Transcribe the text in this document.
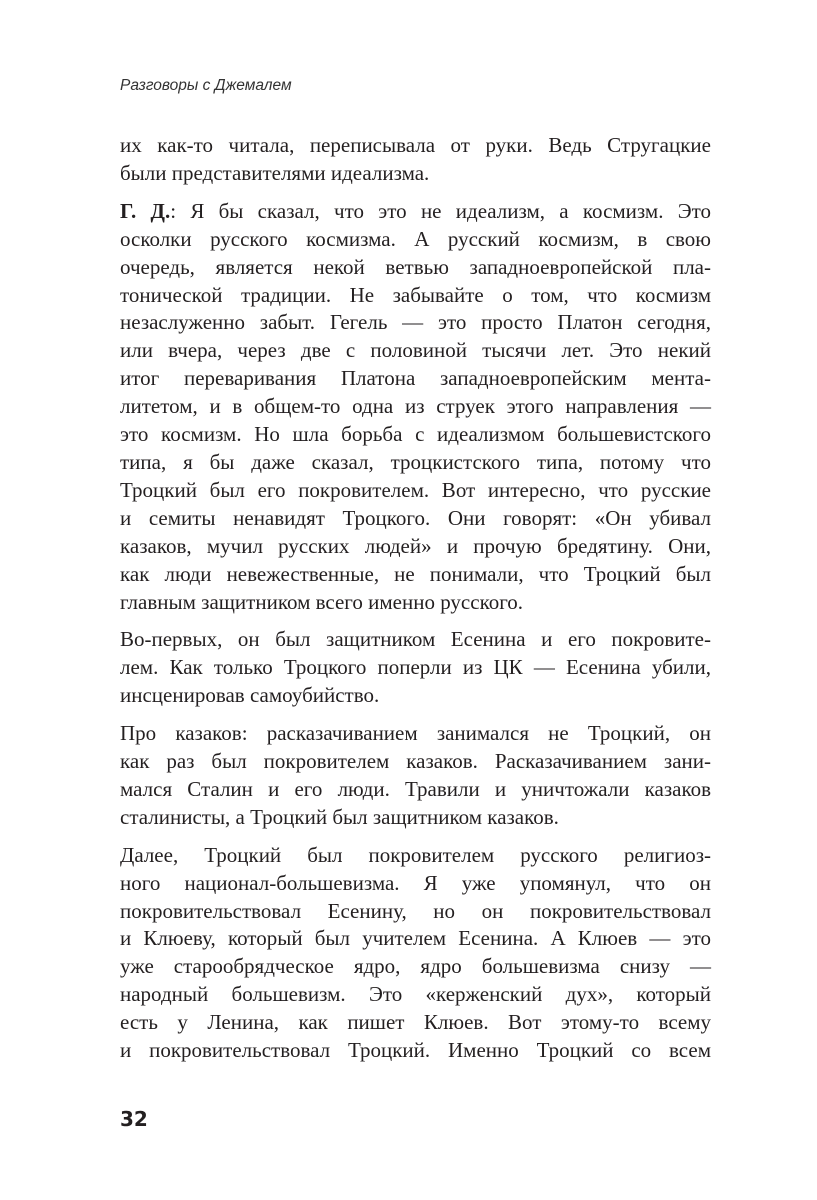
Разговоры с Джемалем
их как-то читала, переписывала от руки. Ведь Стругацкие
были представителями идеализма.
Г. Д.: Я бы сказал, что это не идеализм, а космизм. Это
осколки русского космизма. А русский космизм, в свою
очередь, является некой ветвью западноевропейской пла-
тонической традиции. Не забывайте о том, что космизм
незаслуженно забыт. Гегель — это просто Платон сегодня,
или вчера, через две с половиной тысячи лет. Это некий
итог переваривания Платона западноевропейским мента-
литетом, и в общем-то одна из струек этого направления —
это космизм. Но шла борьба с идеализмом большевистского
типа, я бы даже сказал, троцкистского типа, потому что
Троцкий был его покровителем. Вот интересно, что русские
и семиты ненавидят Троцкого. Они говорят: «Он убивал
казаков, мучил русских людей» и прочую бредятину. Они,
как люди невежественные, не понимали, что Троцкий был
главным защитником всего именно русского.
Во-первых, он был защитником Есенина и его покровите-
лем. Как только Троцкого поперли из ЦК — Есенина убили,
инсценировав самоубийство.
Про казаков: расказачиванием занимался не Троцкий, он
как раз был покровителем казаков. Расказачиванием зани-
мался Сталин и его люди. Травили и уничтожали казаков
сталинисты, а Троцкий был защитником казаков.
Далее, Троцкий был покровителем русского религиоз-
ного национал-большевизма. Я уже упомянул, что он
покровительствовал Есенину, но он покровительствовал
и Клюеву, который был учителем Есенина. А Клюев — это
уже старообрядческое ядро, ядро большевизма снизу —
народный большевизм. Это «керженский дух», который
есть у Ленина, как пишет Клюев. Вот этому-то всему
и покровительствовал Троцкий. Именно Троцкий со всем
32
